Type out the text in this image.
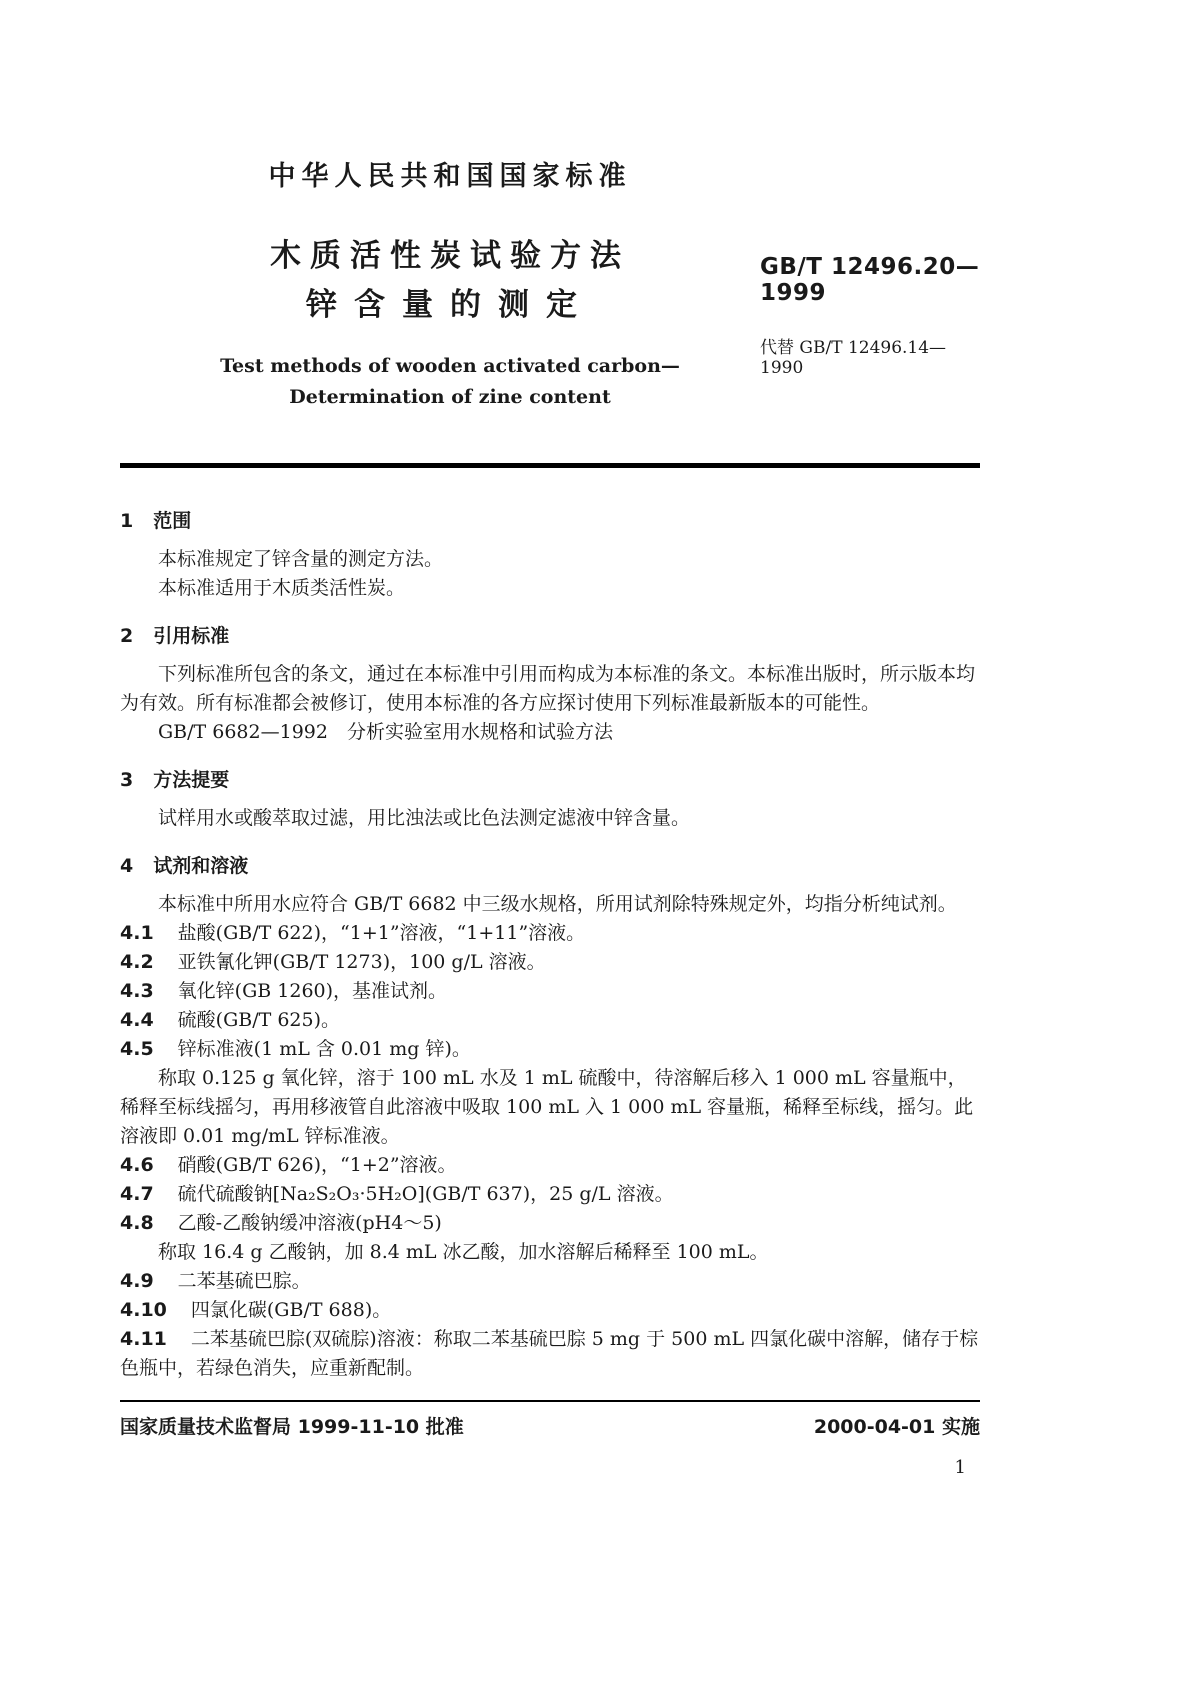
中华人民共和国国家标准
木质活性炭试验方法
锌含量的测定
Test methods of wooden activated carbon—
Determination of zine content
GB/T 12496.20—1999
代替 GB/T 12496.14—1990
1 范围

本标准规定了锌含量的测定方法。

本标准适用于木质类活性炭。

2 引用标准

下列标准所包含的条文，通过在本标准中引用而构成为本标准的条文。本标准出版时，所示版本均为有效。所有标准都会被修订，使用本标准的各方应探讨使用下列标准最新版本的可能性。

GB/T 6682—1992　分析实验室用水规格和试验方法

3 方法提要

试样用水或酸萃取过滤，用比浊法或比色法测定滤液中锌含量。

4 试剂和溶液

本标准中所用水应符合 GB/T 6682 中三级水规格，所用试剂除特殊规定外，均指分析纯试剂。

4.1 盐酸(GB/T 622)，“1+1”溶液，“1+11”溶液。

4.2 亚铁氰化钾(GB/T 1273)，100 g/L 溶液。

4.3 氧化锌(GB 1260)，基准试剂。

4.4 硫酸(GB/T 625)。

4.5 锌标准液(1 mL 含 0.01 mg 锌)。

称取 0.125 g 氧化锌，溶于 100 mL 水及 1 mL 硫酸中，待溶解后移入 1 000 mL 容量瓶中，稀释至标线摇匀，再用移液管自此溶液中吸取 100 mL 入 1 000 mL 容量瓶，稀释至标线，摇匀。此溶液即 0.01 mg/mL 锌标准液。

4.6 硝酸(GB/T 626)，“1+2”溶液。

4.7 硫代硫酸钠[Na₂S₂O₃·5H₂O](GB/T 637)，25 g/L 溶液。

4.8 乙酸-乙酸钠缓冲溶液(pH4～5)

称取 16.4 g 乙酸钠，加 8.4 mL 冰乙酸，加水溶解后稀释至 100 mL。

4.9 二苯基硫巴腙。

4.10 四氯化碳(GB/T 688)。

4.11 二苯基硫巴腙(双硫腙)溶液：称取二苯基硫巴腙 5 mg 于 500 mL 四氯化碳中溶解，储存于棕色瓶中，若绿色消失，应重新配制。

国家质量技术监督局 1999-11-10 批准	2000-04-01 实施
1
